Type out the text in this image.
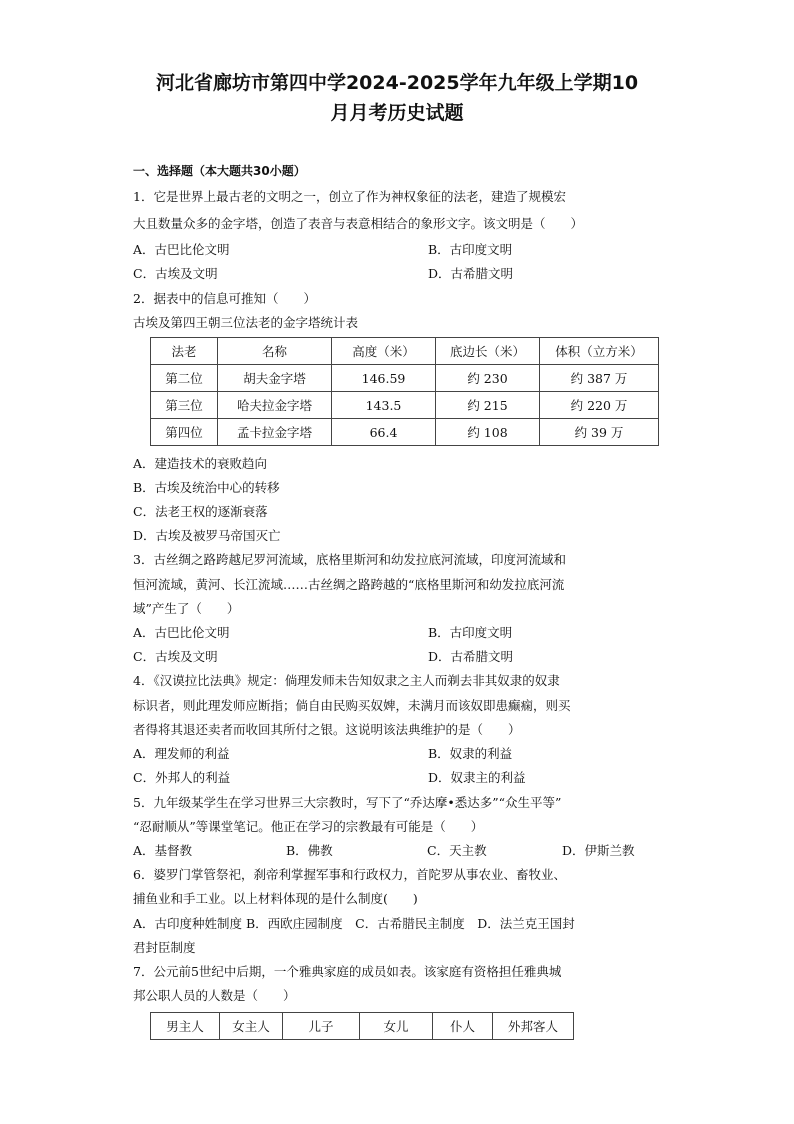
河北省廊坊市第四中学2024-2025学年九年级上学期10
月月考历史试题
一、选择题（本大题共30小题）
1．它是世界上最古老的文明之一，创立了作为神权象征的法老，建造了规模宏
大且数量众多的金字塔，创造了表音与表意相结合的象形文字。该文明是（　　）
A．古巴比伦文明	B．古印度文明
C．古埃及文明	D．古希腊文明
2．据表中的信息可推知（　　）
古埃及第四王朝三位法老的金字塔统计表
法老	名称	高度（米）	底边长（米）	体积（立方米）
第二位	胡夫金字塔	146.59	约 230	约 387 万
第三位	哈夫拉金字塔	143.5	约 215	约 220 万
第四位	孟卡拉金字塔	66.4	约 108	约 39 万
A．建造技术的衰败趋向
B．古埃及统治中心的转移
C．法老王权的逐渐衰落
D．古埃及被罗马帝国灭亡
3．古丝绸之路跨越尼罗河流域，底格里斯河和幼发拉底河流域，印度河流域和
恒河流域，黄河、长江流域……古丝绸之路跨越的“底格里斯河和幼发拉底河流
域”产生了（　　）
A．古巴比伦文明	B．古印度文明
C．古埃及文明	D．古希腊文明
4．《汉谟拉比法典》规定：倘理发师未告知奴隶之主人而剃去非其奴隶的奴隶
标识者，则此理发师应断指；倘自由民购买奴婢，未满月而该奴即患癫痫，则买
者得将其退还卖者而收回其所付之银。这说明该法典维护的是（　　）
A．理发师的利益	B．奴隶的利益
C．外邦人的利益	D．奴隶主的利益
5．九年级某学生在学习世界三大宗教时，写下了“乔达摩•悉达多”“众生平等”
“忍耐顺从”等课堂笔记。他正在学习的宗教最有可能是（　　）
A．基督教	B．佛教	C．天主教	D．伊斯兰教
6．婆罗门掌管祭祀，刹帝利掌握军事和行政权力，首陀罗从事农业、畜牧业、
捕鱼业和手工业。以上材料体现的是什么制度(　　)
A．古印度种姓制度 B．西欧庄园制度　C．古希腊民主制度　D．法兰克王国封
君封臣制度
7．公元前5世纪中后期，一个雅典家庭的成员如表。该家庭有资格担任雅典城
邦公职人员的人数是（　　）
男主人	女主人	儿子	女儿	仆人	外邦客人
